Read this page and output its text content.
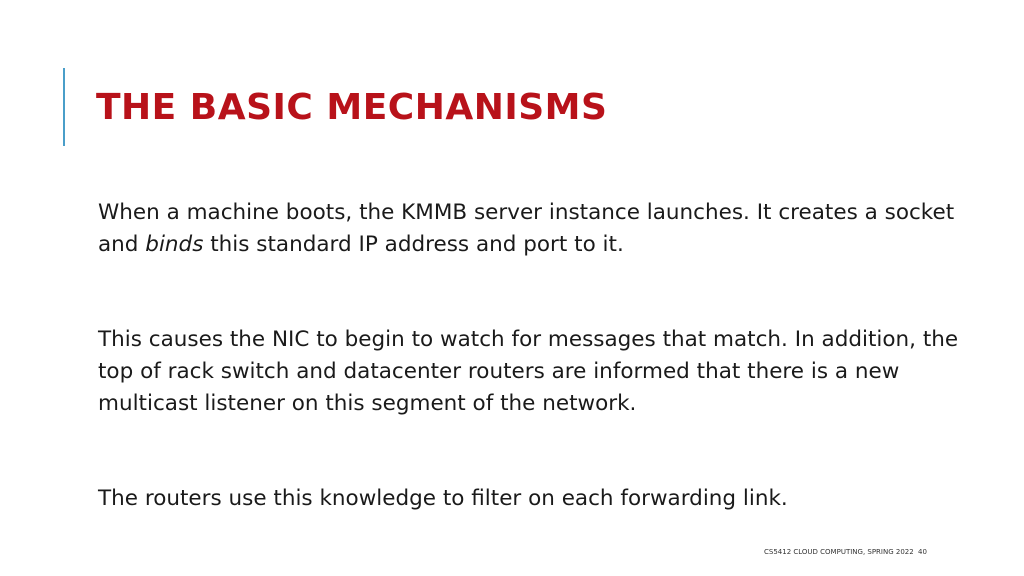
THE BASIC MECHANISMS

When a machine boots, the KMMB server instance launches. It creates a socket and binds this standard IP address and port to it.

This causes the NIC to begin to watch for messages that match. In addition, the top of rack switch and datacenter routers are informed that there is a new multicast listener on this segment of the network.

The routers use this knowledge to filter on each forwarding link.

CS5412 CLOUD COMPUTING, SPRING 2022 40
